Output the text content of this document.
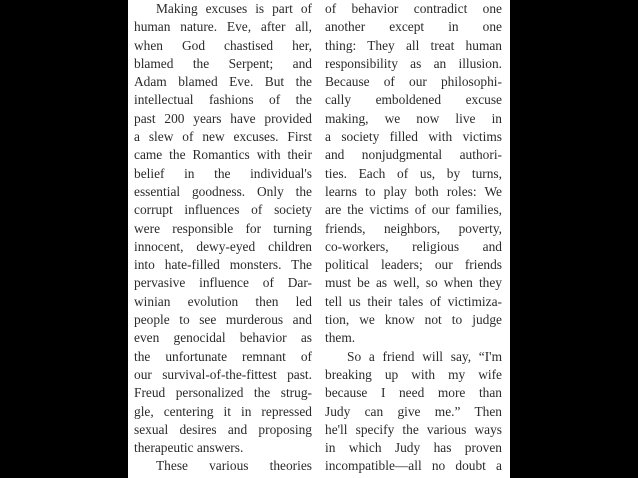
Making excuses is part of
human nature. Eve, after all,
when God chastised her,
blamed the Serpent; and
Adam blamed Eve. But the
intellectual fashions of the
past 200 years have provided
a slew of new excuses. First
came the Romantics with their
belief in the individual's
essential goodness. Only the
corrupt influences of society
were responsible for turning
innocent, dewy-eyed children
into hate-filled monsters. The
pervasive influence of Dar-
winian evolution then led
people to see murderous and
even genocidal behavior as
the unfortunate remnant of
our survival-of-the-fittest past.
Freud personalized the strug-
gle, centering it in repressed
sexual desires and proposing
therapeutic answers.
These various theories
of behavior contradict one
another except in one
thing: They all treat human
responsibility as an illusion.
Because of our philosophi-
cally emboldened excuse
making, we now live in
a society filled with victims
and nonjudgmental authori-
ties. Each of us, by turns,
learns to play both roles: We
are the victims of our families,
friends, neighbors, poverty,
co-workers, religious and
political leaders; our friends
must be as well, so when they
tell us their tales of victimiza-
tion, we know not to judge
them.
So a friend will say, “I'm
breaking up with my wife
because I need more than
Judy can give me.” Then
he'll specify the various ways
in which Judy has proven
incompatible—all no doubt a
